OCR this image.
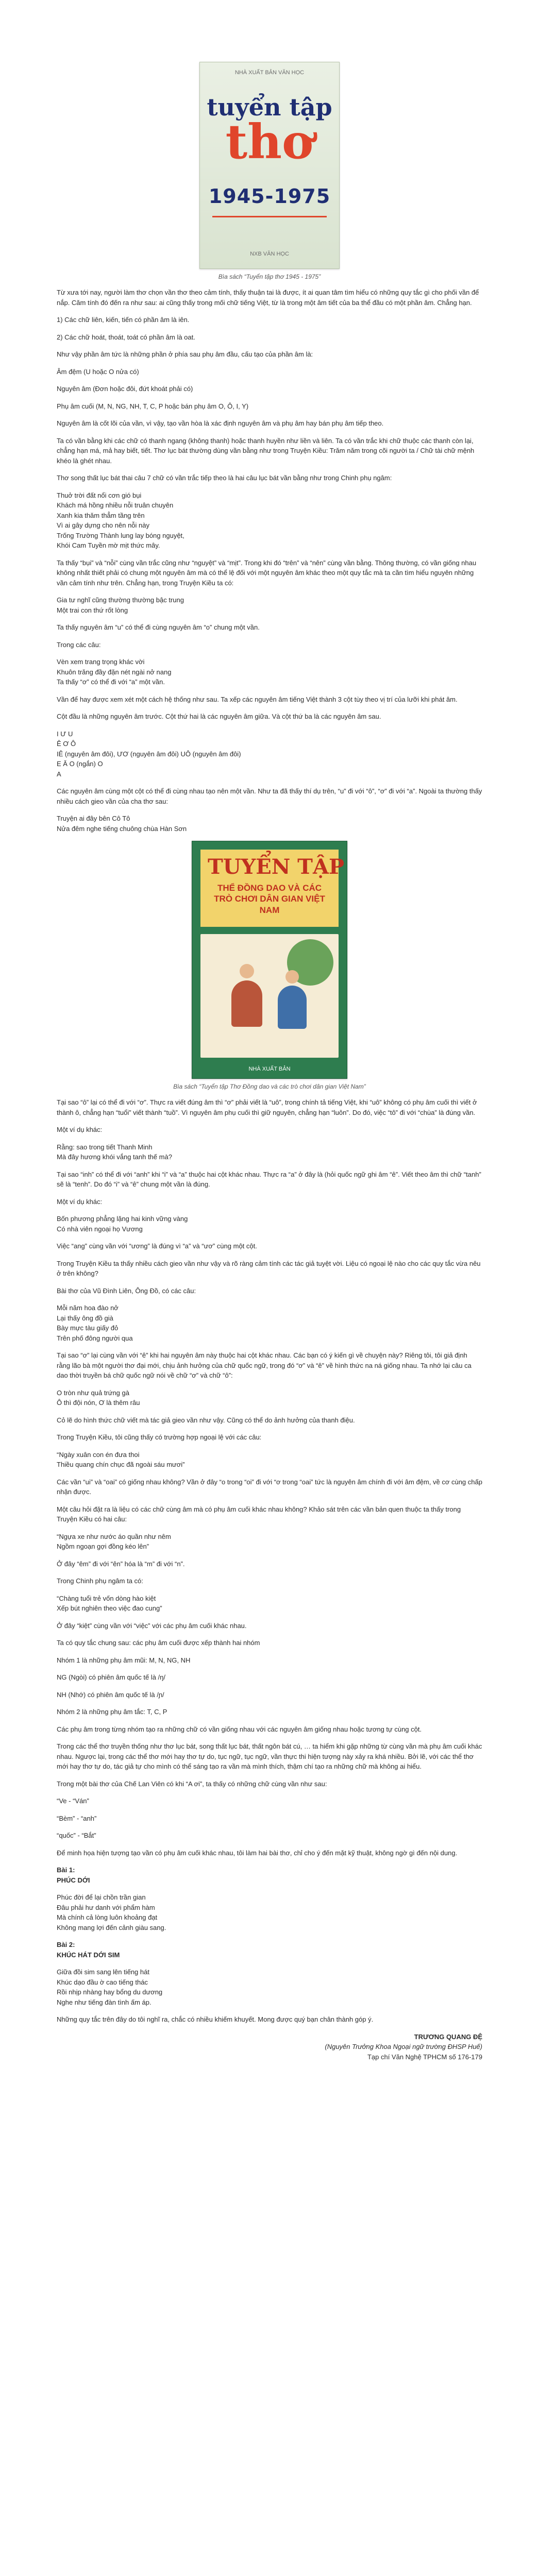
NHÀ XUẤT BẢN VĂN HỌC
tuyển tập
thơ
1945-1975
NXB VĂN HỌC
Bìa sách “Tuyển tập thơ 1945 - 1975”
Từ xưa tới nay, người làm thơ chọn vần thơ theo cảm tính, thấy thuận tai là được, ít ai quan tâm tìm hiểu có những quy tắc gì cho phối vần để nắp. Căm tính đó đến ra như sau: ai cũng thấy trong mối chữ tiếng Việt, từ là trong một âm tiết của ba thể đầu có một phần âm. Chẳng hạn.
1) Các chữ liên, kiến, tiến có phần âm là iên.
2) Các chữ hoát, thoát, toát có phần âm là oat.
Như vậy phần âm tức là những phần ở phía sau phụ âm đầu, cấu tạo của phần âm là:
Âm đệm (U hoặc O nửa có)
Nguyên âm (Đơn hoặc đôi, đứt khoát phải có)
Phụ âm cuối (M, N, NG, NH, T, C, P hoặc bán phụ âm O, Ô, I, Y)
Nguyên âm là cốt lõi của vần, vì vậy, tạo vần hòa là xác định nguyên âm và phụ âm hay bán phụ âm tiếp theo.
Ta có vần bằng khi các chữ có thanh ngang (không thanh) hoặc thanh huyền như liền và liên. Ta có vần trắc khi chữ thuộc các thanh còn lại, chẳng hạn má, mả hay biết, tiết. Thơ lục bát thường dùng vần bằng như trong Truyện Kiều: Trăm năm trong cõi người ta / Chữ tài chữ mệnh khéo là ghét nhau.
Thơ song thất lục bát thai câu 7 chữ có vần trắc tiếp theo là hai câu lục bát vần bằng như trong Chinh phụ ngâm:
Thuở trời đất nổi cơn gió bụi
Khách má hồng nhiều nỗi truân chuyên
Xanh kia thăm thẳm tầng trên
Vì ai gây dựng cho nên nỗi này
Trống Trường Thành lung lay bóng nguyệt,
Khói Cam Tuyền mờ mịt thức mây.
Ta thấy “bụi” và “nỗi” cùng vần trắc cũng như “nguyệt” và “mịt”. Trong khi đó “trên” và “nên” cùng vần bằng. Thông thường, có vần giống nhau không nhất thiết phải có chung một nguyên âm mà có thể lệ đối với một nguyên âm khác theo một quy tắc mà ta cần tìm hiểu nguyên những vần cảm tính như trên. Chẳng hạn, trong Truyện Kiều ta có:
Gia tư nghĩ cũng thường thường bậc trung
Một trai con thứ rốt lòng
Ta thấy nguyên âm “u” có thể đi cùng nguyên âm “o” chung một vần.
Trong các câu:
Vèn xem trang trọng khác vời
Khuôn trăng đầy đặn nét ngài nở nang
Ta thấy “ơ” có thể đi với “a” một vần.
Vần để hay được xem xét một cách hệ thống như sau. Ta xếp các nguyên âm tiếng Việt thành 3 cột tùy theo vị trí của lưỡi khi phát âm.
Cột đầu là những nguyên âm trước. Cột thứ hai là các nguyên âm giữa. Và cột thứ ba là các nguyên âm sau.
I Ư U
Ê Ơ Ô
IÊ (nguyên âm đôi), ƯƠ (nguyên âm đôi) UÔ (nguyên âm đôi)
E Ă O (ngắn) O
A
Các nguyên âm cùng một cột có thể đi cùng nhau tạo nên một vần. Như ta đã thấy thí dụ trên, “u” đi với “ô”, “ơ” đi với “a”. Ngoài ta thường thấy nhiều cách gieo vần của cha thơ sau:
Truyện ai đây bên Cô Tô
Nửa đêm nghe tiếng chuông chùa Hàn Sơn
TUYỂN TẬP
THỂ ĐỒNG DAO VÀ CÁC TRÒ CHƠI DÂN GIAN VIỆT NAM
NHÀ XUẤT BẢN
Bìa sách “Tuyển tập Thơ Đồng dao và các trò chơi dân gian Việt Nam”
Tại sao “ô” lại có thể đi với “ơ”. Thực ra viết đúng âm thì “ơ” phải viết là “uô”, trong chính tả tiếng Việt, khi “uô” không có phụ âm cuối thì viết ở thành ô, chẳng hạn “tuổi” viết thành “tuồ”. Vì nguyên âm phụ cuối thì giữ nguyên, chẳng hạn “luôn”. Do đó, việc “tô” đi với “chùa” là đúng vần.
Một ví dụ khác:
Rằng: sao trong tiết Thanh Minh
Mà đây hương khói vắng tanh thế mà?
Tại sao “inh” có thể đi với “anh” khi “i” và “a” thuộc hai cột khác nhau. Thực ra “a” ở đây là (hỏi quốc ngữ ghi âm “ê”. Viết theo âm thì chữ “tanh” sẽ là “tenh”. Do đó “i” và “ê” chung một vần là đúng.
Một ví dụ khác:
Bốn phương phẳng lặng hai kinh vững vàng
Có nhà viên ngoại họ Vương
Việc “ang” cùng vần với “ương” là đúng vì “a” và “ươ” cùng một cột.
Trong Truyện Kiều ta thấy nhiều cách gieo vần như vậy và rõ ràng cảm tính các tác giả tuyệt vời. Liệu có ngoại lệ nào cho các quy tắc vừa nêu ở trên không?
Bài thơ của Vũ Đình Liên, Ông Đồ, có các câu:
Mỗi năm hoa đào nở
Lại thấy ông đồ già
Bày mực tàu giấy đỏ
Trên phố đông người qua
Tại sao “ơ” lại cùng vần với “ê” khi hai nguyên âm này thuộc hai cột khác nhau. Các bạn có ý kiến gì về chuyện này? Riêng tôi, tôi giả định rằng lão bà một người thơ đại mới, chịu ảnh hưởng của chữ quốc ngữ, trong đó “ơ” và “ê” về hình thức na ná giống nhau. Ta nhớ lại câu ca dao thời truyền bá chữ quốc ngữ nói về chữ “ơ” và chữ “ô”:
O tròn như quả trứng gà
Ô thì đội nón, Ơ là thêm râu
Cỏ lẽ do hình thức chữ viết mà tác giả gieo vần như vậy. Cũng có thể do ảnh hưởng của thanh điệu.
Trong Truyện Kiều, tôi cũng thấy có trường hợp ngoại lệ với các câu:
“Ngày xuân con én đưa thoi
Thiều quang chín chục đã ngoài sáu mươi”
Các vần “ui” và “oai” có giống nhau không? Vần ở đây “o trong “oi” đi với “ơ trong “oai” tức là nguyên âm chính đi với âm đệm, về cơ cùng chấp nhận được.
Một câu hỏi đặt ra là liệu có các chữ cùng âm mà có phụ âm cuối khác nhau không? Khảo sát trên các vần bản quen thuộc ta thấy trong Truyện Kiều có hai câu:
“Ngựa xe như nước áo quần như nêm
Ngồm ngoạn gợi đồng kéo lên”
Ở đây “êm” đi với “ên” hóa là “m” đi với “n”.
Trong Chinh phụ ngâm ta có:
“Chàng tuổi trẻ vốn dòng hào kiệt
Xếp bút nghiên theo việc đao cung”
Ở đây “kiệt” cùng vần với “việc” với các phụ âm cuối khác nhau.
Ta có quy tắc chung sau: các phụ âm cuối được xếp thành hai nhóm
Nhóm 1 là những phụ âm mũi: M, N, NG, NH
NG (Ngòi) có phiên âm quốc tế là /ŋ/
NH (Nhớ) có phiên âm quốc tế là /ɲ/
Nhóm 2 là những phụ âm tắc: T, C, P
Các phụ âm trong từng nhóm tạo ra những chữ có vần giống nhau với các nguyên âm giống nhau hoặc tương tự cùng cột.
Trong các thể thơ truyền thống như thơ lục bát, song thất lục bát, thất ngôn bát cú, … ta hiểm khi gặp những từ cùng vần mà phụ âm cuối khác nhau. Ngược lại, trong các thể thơ mới hay thơ tự do, tục ngữ, tục ngữ, vần thực thi hiện tượng này xảy ra khá nhiều. Bởi lẽ, với các thể thơ mới hay thơ tự do, tác giả tự cho mình có thể sáng tạo ra vần mà mình thích, thậm chí tạo ra những chữ mà không ai hiểu.
Trong một bài thơ của Chế Lan Viên có khi “A ơi”, ta thấy có những chữ cùng vần như sau:
“Ve - “Ván”
“Bèm” - “anh”
“quốc” - “Bắt”
Để minh họa hiện tượng tạo vần có phụ âm cuối khác nhau, tôi làm hai bài thơ, chỉ cho ý đến mặt kỹ thuật, không ngờ gì đến nội dung.
Bài 1:
PHÚC DỚI
Phúc đời để lại chồn trần gian
Đâu phải hư danh với phẩm hàm
Mà chính cả lòng luôn khoảng đạt
Không mang lợi đến cảnh giàu sang.
Bài 2:
KHÚC HÁT DỚI SIM
Giữa đồi sim sang lên tiếng hát
Khúc dạo đầu ờ cao tiếng thác
Rồi nhịp nhàng hay bổng du dương
Nghe như tiếng đàn tình ấm áp.
Những quy tắc trên đây do tôi nghĩ ra, chắc có nhiều khiếm khuyết. Mong được quý bạn chân thành góp ý.
TRƯƠNG QUANG ĐỆ
(Nguyên Trưởng Khoa Ngoại ngữ trường ĐHSP Huế)
Tạp chí Văn Nghệ TPHCM số 176-179
